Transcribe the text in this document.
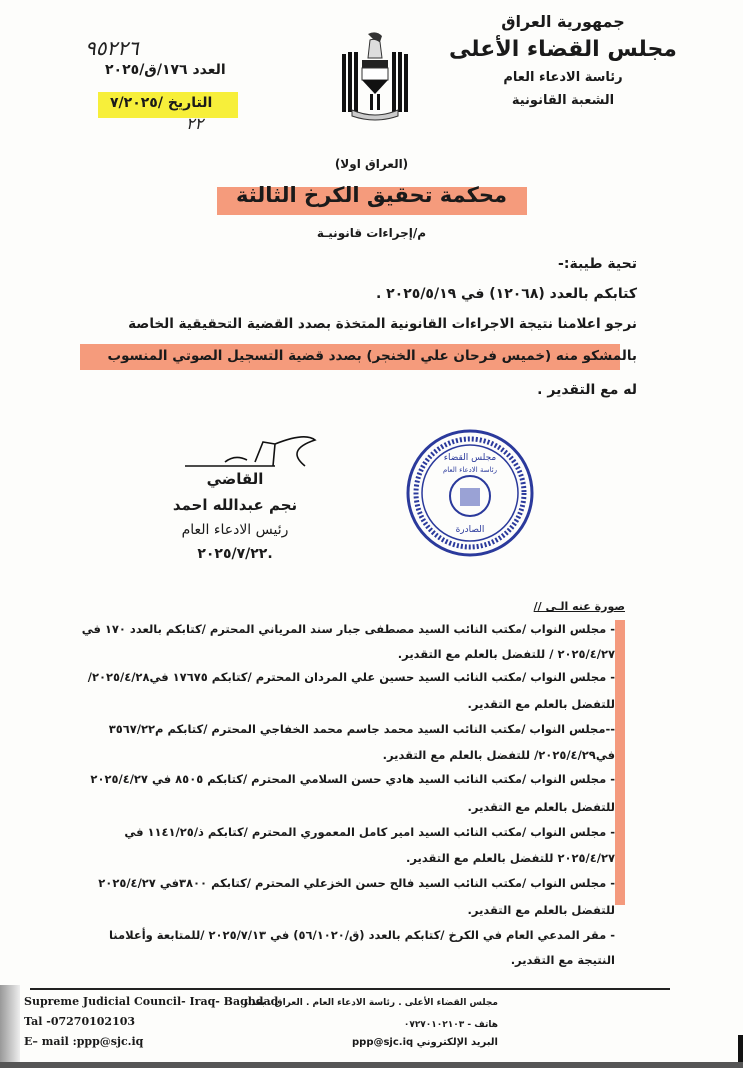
جمهورية العراق
مجلس القضاء الأعلى
رئاسة الادعاء العام
الشعبة القانونية
٩٥٢٢٦
العدد ١٧٦/ق/٢٠٢٥
التاريخ /٧/٢٠٢٥
٢٢
(العراق اولا)
محكمة تحقيق الكرخ الثالثة
م/إجراءات قانونيـة
تحية طيبة:-
كتابكم بالعدد (١٢٠٦٨) في ٢٠٢٥/٥/١٩ .
نرجو اعلامنا نتيجة الاجراءات القانونية المتخذة بصدد القضية التحقيقية الخاصة
بالمشكو منه (خميس فرحان علي الخنجر) بصدد قضية التسجيل الصوتي المنسوب
له مع التقدير .
القاضي
نجم عبدالله احمد
رئيس الادعاء العام
.٢٠٢٥/٧/٢٢
مجلس القضاء
رئاسة الادعاء العام
الصادرة
صورة عنه الـى //
- مجلس النواب /مكتب النائب السيد مصطفى جبار سند المرياني المحترم /كتابكم بالعدد ١٧٠ في
٢٠٢٥/٤/٢٧ / للتفضل بالعلم مع التقدير.
- مجلس النواب /مكتب النائب السيد حسين علي المردان المحترم /كتابكم ١٧٦٧٥ في٢٠٢٥/٤/٢٨/
للتفضل بالعلم مع التقدير.
--مجلس النواب /مكتب النائب السيد محمد جاسم محمد الخفاجي المحترم /كتابكم م٣٥٦٧/٢٢
في٢٠٢٥/٤/٢٩/ للتفضل بالعلم مع التقدير.
- مجلس النواب /مكتب النائب السيد هادي حسن السلامي المحترم /كتابكم ٨٥٠٥ في ٢٠٢٥/٤/٢٧
للتفضل بالعلم مع التقدير.
- مجلس النواب /مكتب النائب السيد امير كامل المعموري المحترم /كتابكم ذ/١١٤١/٢٥ في
٢٠٢٥/٤/٢٧ للتفضل بالعلم مع التقدير.
- مجلس النواب /مكتب النائب السيد فالح حسن الخزعلي المحترم /كتابكم ٣٨٠٠في ٢٠٢٥/٤/٢٧
للتفضل بالعلم مع التقدير.
- مقر المدعي العام في الكرخ /كتابكم بالعدد (ق/٥٦/١٠٢٠) في ٢٠٢٥/٧/١٣ /للمتابعة وأعلامنا
النتيجة مع التقدير.
Supreme Judicial Council- Iraq- Baghdad
Tal -07270102103
E– mail :ppp@sjc.iq
مجلس القضاء الأعلى . رئاسة الادعاء العام . العراق . بغداد
هاتف - ٠٧٢٧٠١٠٢١٠٣
البريد الإلكتروني ppp@sjc.iq
